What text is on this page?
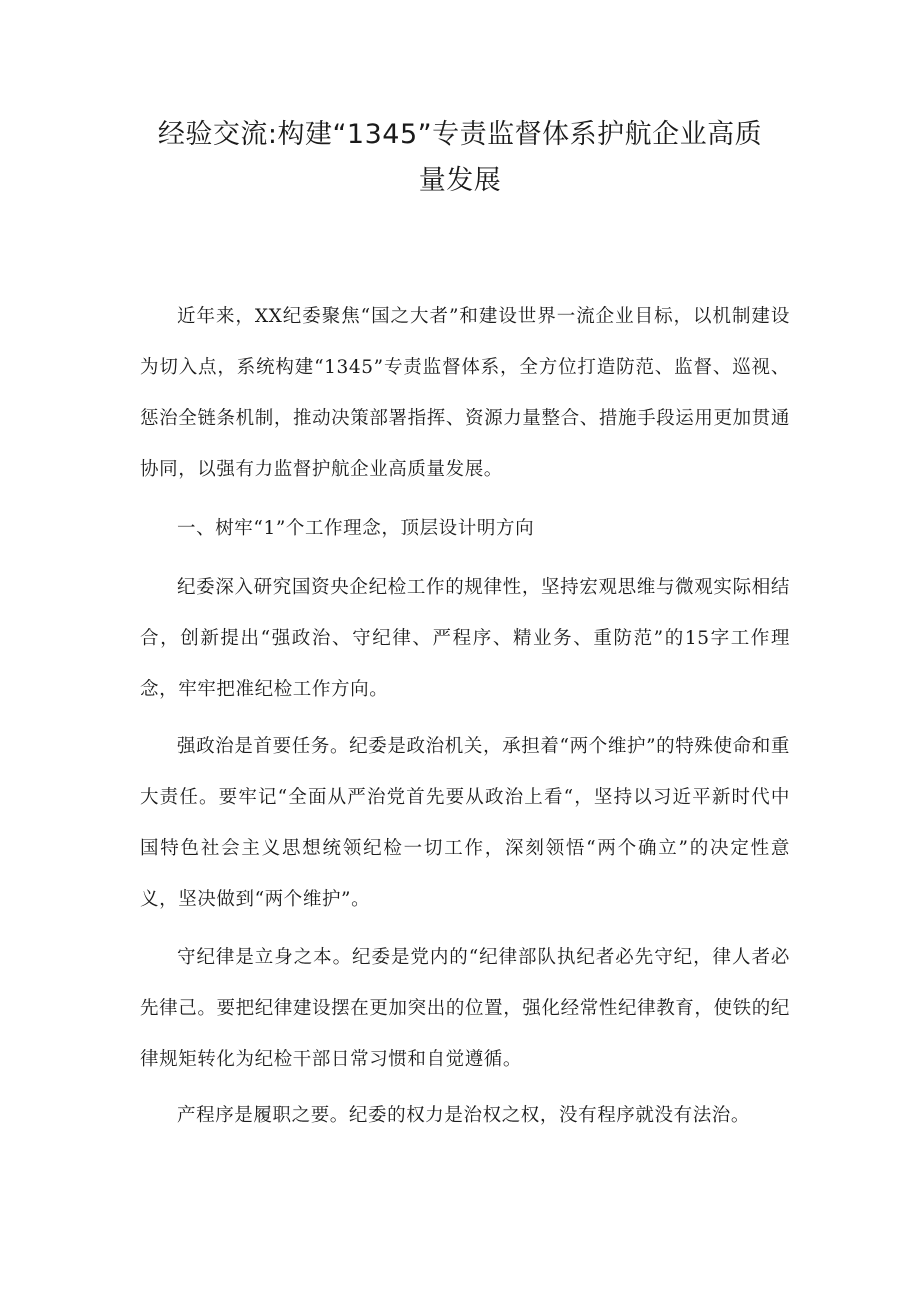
经验交流:构建“1345”专责监督体系护航企业高质
量发展

近年来，XX纪委聚焦“国之大者”和建设世界一流企业目标，以机制建设为切入点，系统构建“1345”专责监督体系，全方位打造防范、监督、巡视、惩治全链条机制，推动决策部署指挥、资源力量整合、措施手段运用更加贯通协同，以强有力监督护航企业高质量发展。

一、树牢“1”个工作理念，顶层设计明方向

纪委深入研究国资央企纪检工作的规律性，坚持宏观思维与微观实际相结合，创新提出“强政治、守纪律、严程序、精业务、重防范”的15字工作理念，牢牢把准纪检工作方向。

强政治是首要任务。纪委是政治机关，承担着“两个维护”的特殊使命和重大责任。要牢记“全面从严治党首先要从政治上看“，坚持以习近平新时代中国特色社会主义思想统领纪检一切工作，深刻领悟“两个确立”的决定性意义，坚决做到“两个维护”。

守纪律是立身之本。纪委是党内的“纪律部队执纪者必先守纪，律人者必先律己。要把纪律建设摆在更加突出的位置，强化经常性纪律教育，使铁的纪律规矩转化为纪检干部日常习惯和自觉遵循。

产程序是履职之要。纪委的权力是治权之权，没有程序就没有法治。
